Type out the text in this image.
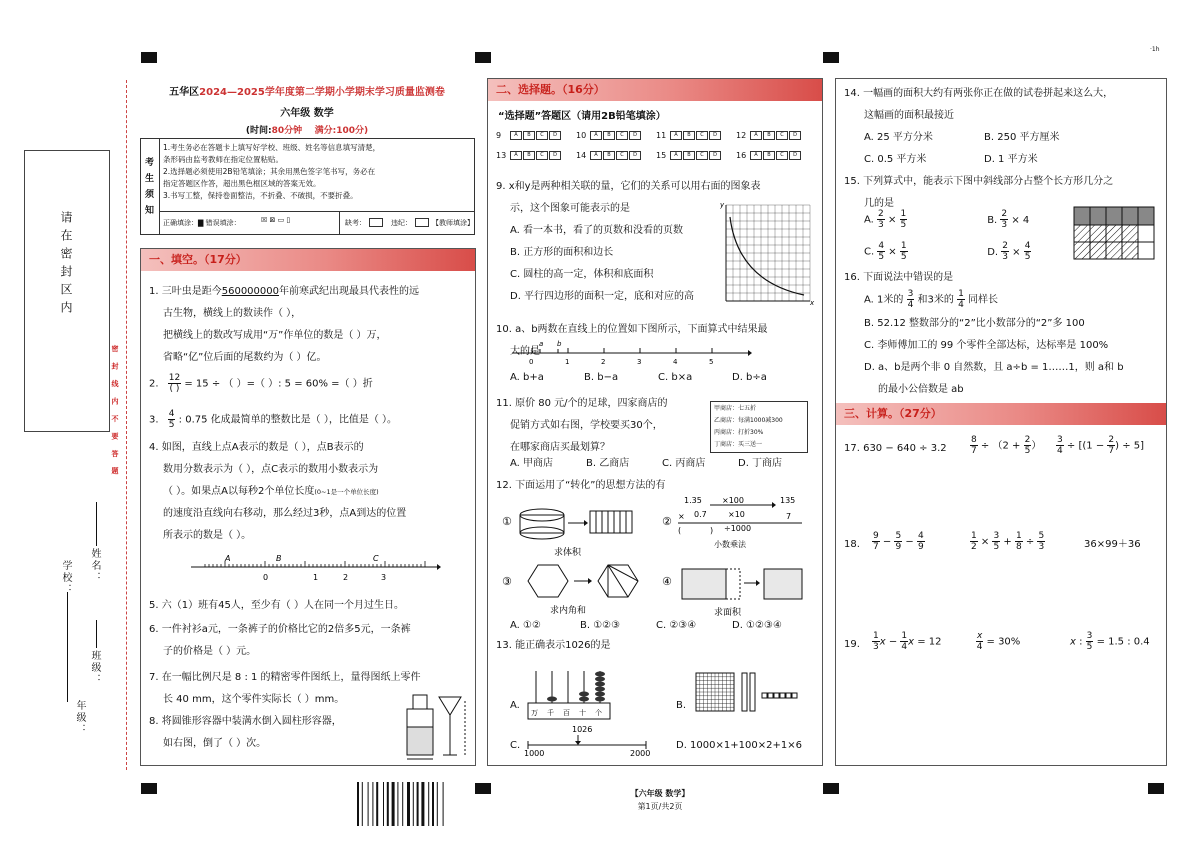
·1h
请在密封区内
密 封 线 内 不 要 答 题
学校： 姓名：
班级：
年级：
五华区2024—2025学年度第二学期小学期末学习质量监测卷
六年级 数学
(时间:80分钟 满分:100分)
考
生
须
知
1.考生务必在答题卡上填写好学校、班级、姓名等信息填写清楚，
条形码由监考教师在指定位置粘贴。
2.选择题必须使用2B铅笔填涂；其余用黑色签字笔书写，务必在
指定答题区作答，超出黑色框区域的答案无效。
3.书写工整，保持卷面整洁，不折叠、不破损，不要折叠。
正确填涂：▇ 错误填涂：	☒ ⊠ ▭ ▯	缺考：	违纪：	【教师填涂】
一、填空。（17分）
1. 三叶虫是距今560000000年前寒武纪出现最具代表性的远
古生物，横线上的数读作（ ），
把横线上的数改写成用“万”作单位的数是（ ）万，
省略“亿”位后面的尾数约为（ ）亿。
2.
12
( ) = 15 ÷ （ ）=（ ）: 5 = 60% =（ ）折
3. $\frac{4}{5}$ : 0.75 化成最简单的整数比是（ ），比值是（ ）。
4. 如图，直线上点A表示的数是（ ），点B表示的
数用分数表示为（ ），点C表示的数用小数表示为
（ ）。如果点A以每秒2个单位长度(0~1是一个单位长度)
的速度沿直线向右移动，那么经过3秒，点A到达的位置
所表示的数是（ ）。
A	B	C
0	1	2	3
5. 六（1）班有45人，至少有（ ）人在同一个月过生日。
6. 一件衬衫a元，一条裤子的价格比它的2倍多5元，一条裤
子的价格是（ ）元。
7. 在一幅比例尺是 8 : 1 的精密零件图纸上，量得图纸上零件
长 40 mm，这个零件实际长（ ）mm。
8. 将圆锥形容器中装满水倒入圆柱形容器，
如右图，倒了（ ）次。
二、选择题。（16分）
“选择题”答题区（请用2B铅笔填涂）
9	A B C D	10 A B C D	11 A B C D	12 A B C D
13 A B C D	14 A B C D	15 A B C D	16 A B C D
9. x和y是两种相关联的量，它们的关系可以用右面的图象表
示，这个图象可能表示的是
A. 看一本书，看了的页数和没看的页数
B. 正方形的面积和边长
C. 圆柱的高一定，体积和底面积
D. 平行四边形的面积一定，底和对应的高
y
x
10. a、b两数在直线上的位置如下图所示，下面算式中结果最
大的是
0	1	2	3	4	5
a b
A. b+a	B. b−a	C. b×a	D. b÷a
11. 原价 80 元/个的足球，四家商店的
促销方式如右图，学校要买30个，
在哪家商店买最划算？
甲商店：七五折
乙商店：每满1000减300
丙商店：打折30%
丁商店：买三送一
A. 甲商店	B. 乙商店	C. 丙商店	D. 丁商店
12. 下面运用了“转化”的思想方法的有
①
求体积
②
1.35	×100	135
× 0.7	×10	7
(	÷1000
)
小数乘法
③
求内角和
④
求面积
A. ①②	B. ①②③	C. ②③④	D. ①②③④
13. 能正确表示1026的是
A.
万 千 百 十 个
B.
C.
1026
1000	2000
D. 1000×1+100×2+1×6
14. 一幅画的面积大约有两张你正在做的试卷拼起来这么大，
这幅画的面积最接近
A. 25 平方分米	B. 250 平方厘米
C. 0.5 平方米	D. 1 平方米
15. 下列算式中，能表示下图中斜线部分占整个长方形几分之
几的是
A. $\frac{2}{3} \times \frac{1}{5}$	B. $\frac{2}{3} \times 4$
C. $\frac{4}{5} \times \frac{1}{5}$	D. $\frac{2}{3} \times \frac{4}{5}$
16. 下面说法中错误的是
A. 1米的 $\frac{3}{4}$ 和3米的 $\frac{1}{4}$ 同样长
B. 52.12 整数部分的“2”比小数部分的“2”多 100
C. 李师傅加工的 99 个零件全部达标，达标率是 100%
D. a、b是两个非 0 自然数，且 a÷b = 1……1，则 a和 b
的最小公倍数是 ab
三、计算。（27分）
17. 630 − 640 ÷ 3.2	$\frac{8}{7} \div (2 + \frac{2}{5}$ ） $\frac{3}{4} \div [(1 - \frac{2}{7}$ ) ÷ 5]
18. $\frac{9}{7} - \frac{5}{9} - \frac{4}{9}$	$\frac{1}{2} \times \frac{3}{5} + \frac{1}{8} \div \frac{5}{3}$	36×99＋36
19. $\frac{1}{3}$ $x - \frac{1}{4}$ x = 12	$\frac{x}{4} = 30\%$	x : $\frac{3}{5} = 1.5$ : 0.4
【六年级 数学】
第1页/共2页
